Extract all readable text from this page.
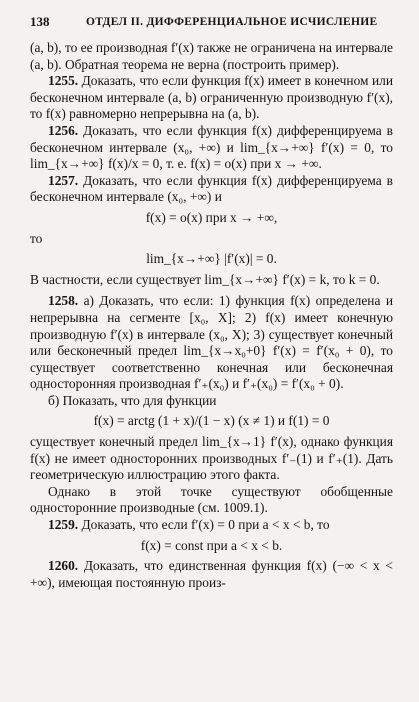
138	ОТДЕЛ II. ДИФФЕРЕНЦИАЛЬНОЕ ИСЧИСЛЕНИЕ

(a, b), то ее производная f′(x) также не ограничена на интервале (a, b). Обратная теорема не верна (построить пример).

1255. Доказать, что если функция f(x) имеет в конечном или бесконечном интервале (a, b) ограниченную производную f′(x), то f(x) равномерно непрерывна на (a, b).

1256. Доказать, что если функция f(x) дифференцируема в бесконечном интервале (x₀, +∞) и lim_{x→+∞} f′(x) = 0, то lim_{x→+∞} f(x)/x = 0, т. е. f(x) = o(x) при x → +∞.

1257. Доказать, что если функция f(x) дифференцируема в бесконечном интервале (x₀, +∞) и

f(x) = o(x) при x → +∞,

то

lim_{x→+∞} |f′(x)| = 0.

В частности, если существует lim_{x→+∞} f′(x) = k, то k = 0.

1258. а) Доказать, что если: 1) функция f(x) определена и непрерывна на сегменте [x₀, X]; 2) f(x) имеет конечную производную f′(x) в интервале (x₀, X); 3) существует конечный или бесконечный предел lim_{x→x₀+0} f′(x) = f′(x₀ + 0), то существует соответственно конечная или бесконечная односторонняя производная f′₊(x₀) и f′₊(x₀) = f′(x₀ + 0).

б) Показать, что для функции

f(x) = arctg (1 + x)/(1 − x) (x ≠ 1) и f(1) = 0

существует конечный предел lim_{x→1} f′(x), однако функция f(x) не имеет односторонних производных f′₋(1) и f′₊(1). Дать геометрическую иллюстрацию этого факта.

Однако в этой точке существуют обобщенные односторонние производные (см. 1009.1).

1259. Доказать, что если f′(x) = 0 при a < x < b, то

f(x) = const при a < x < b.

1260. Доказать, что единственная функция f(x) (−∞ < x < +∞), имеющая постоянную произ-
